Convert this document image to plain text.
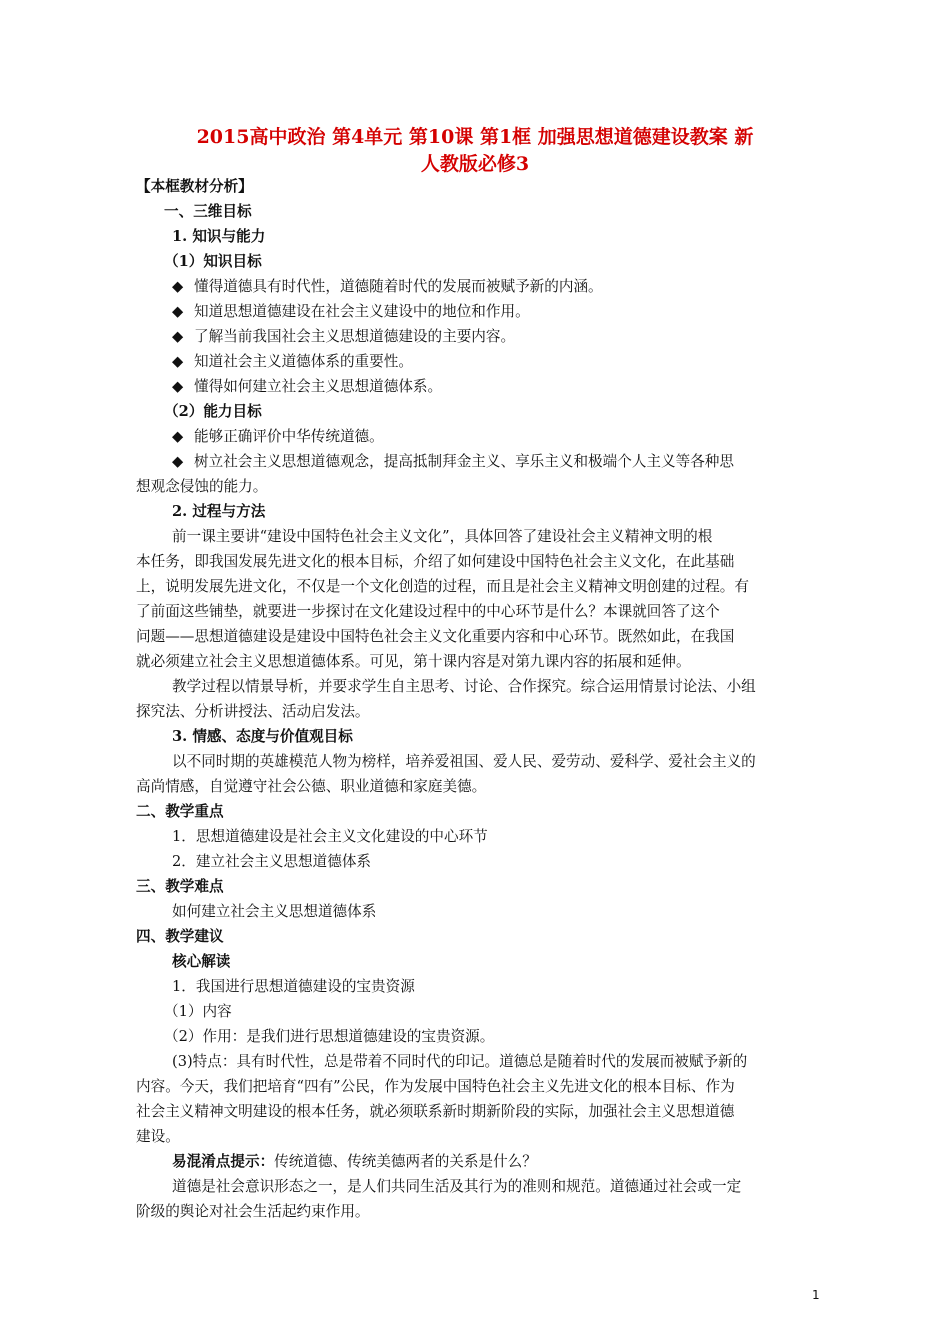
2015高中政治 第4单元 第10课 第1框 加强思想道德建设教案 新
人教版必修3
【本框教材分析】
一、三维目标
1. 知识与能力
（1）知识目标
◆ 懂得道德具有时代性，道德随着时代的发展而被赋予新的内涵。
◆ 知道思想道德建设在社会主义建设中的地位和作用。
◆ 了解当前我国社会主义思想道德建设的主要内容。
◆ 知道社会主义道德体系的重要性。
◆ 懂得如何建立社会主义思想道德体系。
（2）能力目标
◆ 能够正确评价中华传统道德。
◆ 树立社会主义思想道德观念，提高抵制拜金主义、享乐主义和极端个人主义等各种思
想观念侵蚀的能力。
2. 过程与方法
前一课主要讲“建设中国特色社会主义文化”，具体回答了建设社会主义精神文明的根
本任务，即我国发展先进文化的根本目标，介绍了如何建设中国特色社会主义文化，在此基础
上，说明发展先进文化，不仅是一个文化创造的过程，而且是社会主义精神文明创建的过程。有
了前面这些铺垫，就要进一步探讨在文化建设过程中的中心环节是什么？本课就回答了这个
问题——思想道德建设是建设中国特色社会主义文化重要内容和中心环节。既然如此，在我国
就必须建立社会主义思想道德体系。可见，第十课内容是对第九课内容的拓展和延伸。
教学过程以情景导析，并要求学生自主思考、讨论、合作探究。综合运用情景讨论法、小组
探究法、分析讲授法、活动启发法。
3. 情感、态度与价值观目标
以不同时期的英雄模范人物为榜样，培养爱祖国、爱人民、爱劳动、爱科学、爱社会主义的
高尚情感，自觉遵守社会公德、职业道德和家庭美德。
二、教学重点
1．思想道德建设是社会主义文化建设的中心环节
2．建立社会主义思想道德体系
三、教学难点
如何建立社会主义思想道德体系
四、教学建议
核心解读
1．我国进行思想道德建设的宝贵资源
（1）内容
（2）作用：是我们进行思想道德建设的宝贵资源。
(3)特点：具有时代性，总是带着不同时代的印记。道德总是随着时代的发展而被赋予新的
内容。今天，我们把培育“四有”公民，作为发展中国特色社会主义先进文化的根本目标、作为
社会主义精神文明建设的根本任务，就必须联系新时期新阶段的实际，加强社会主义思想道德
建设。
易混淆点提示：传统道德、传统美德两者的关系是什么？
道德是社会意识形态之一，是人们共同生活及其行为的准则和规范。道德通过社会或一定
阶级的舆论对社会生活起约束作用。
1
